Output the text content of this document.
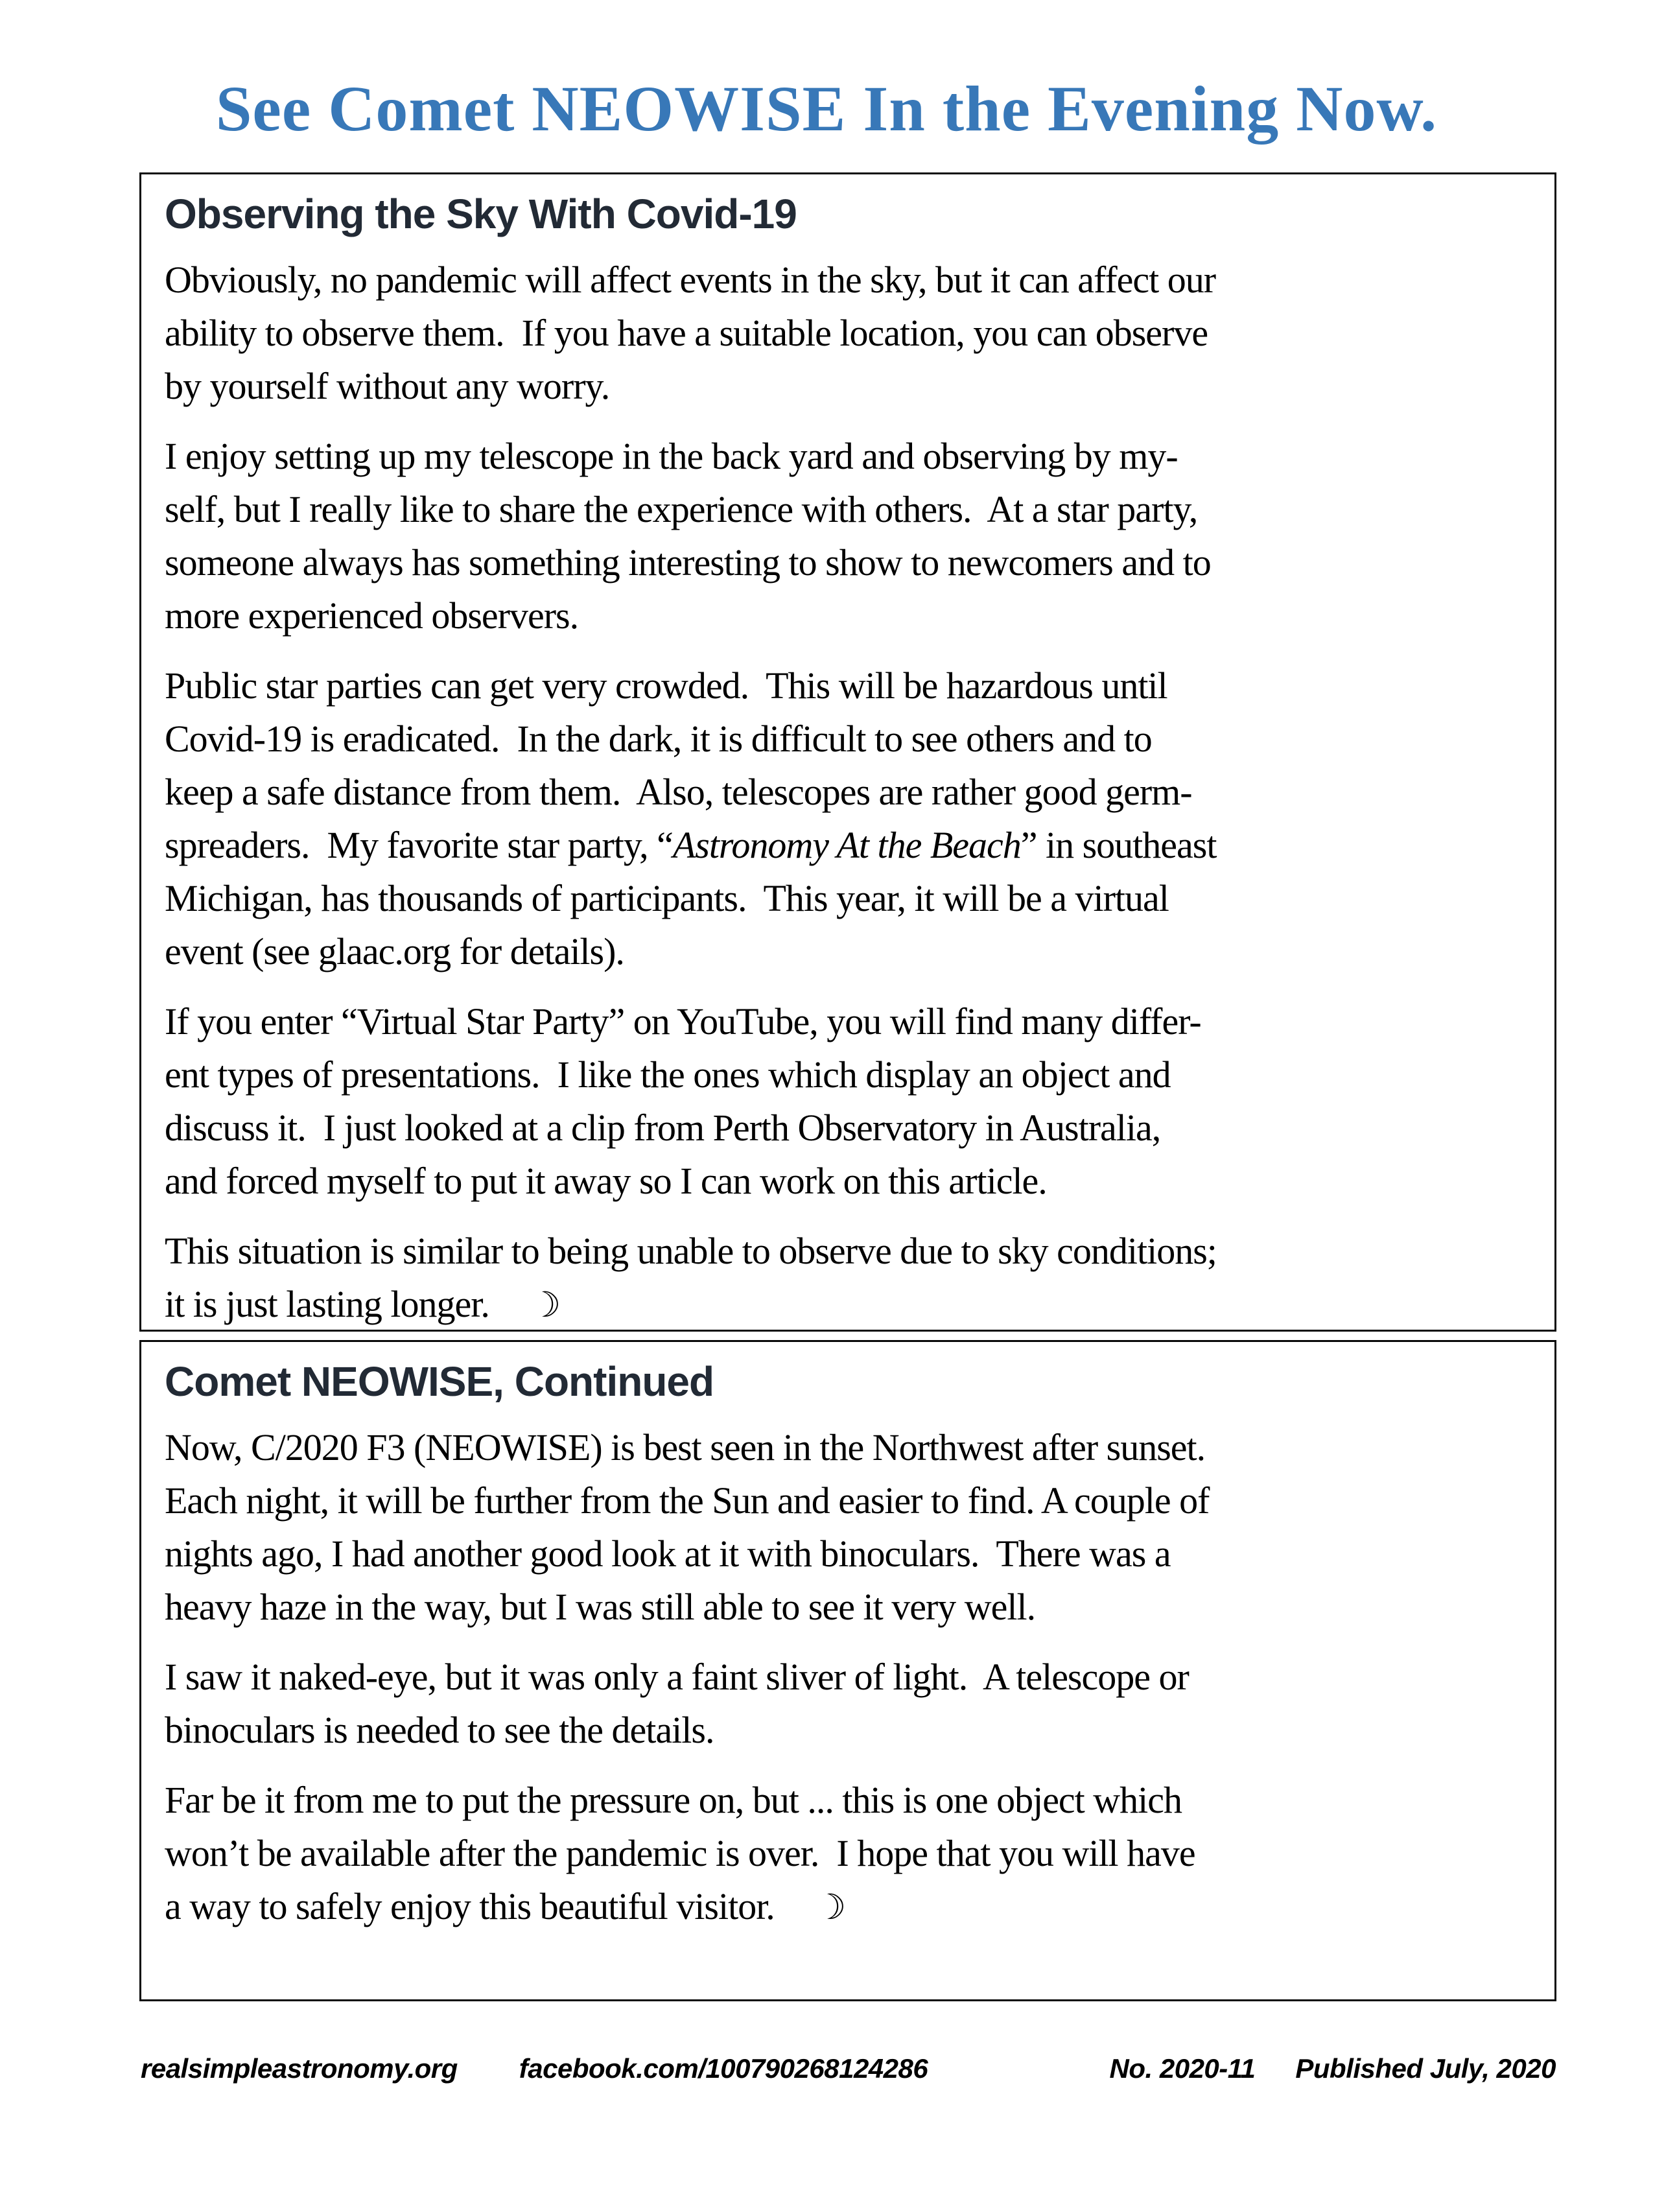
See Comet NEOWISE In the Evening Now.
Observing the Sky With Covid-19
Obviously, no pandemic will affect events in the sky, but it can affect our
ability to observe them.  If you have a suitable location, you can observe
by yourself without any worry.
I enjoy setting up my telescope in the back yard and observing by my-
self, but I really like to share the experience with others.  At a star party,
someone always has something interesting to show to newcomers and to
more experienced observers.
Public star parties can get very crowded.  This will be hazardous until
Covid-19 is eradicated.  In the dark, it is difficult to see others and to
keep a safe distance from them.  Also, telescopes are rather good germ-
spreaders.  My favorite star party, “Astronomy At the Beach” in southeast
Michigan, has thousands of participants.  This year, it will be a virtual
event (see glaac.org for details).
If you enter “Virtual Star Party” on YouTube, you will find many differ-
ent types of presentations.  I like the ones which display an object and
discuss it.  I just looked at a clip from Perth Observatory in Australia,
and forced myself to put it away so I can work on this article.
This situation is similar to being unable to observe due to sky conditions;
it is just lasting longer. ☽
Comet NEOWISE, Continued
Now, C/2020 F3 (NEOWISE) is best seen in the Northwest after sunset.
Each night, it will be further from the Sun and easier to find. A couple of
nights ago, I had another good look at it with binoculars.  There was a
heavy haze in the way, but I was still able to see it very well.
I saw it naked-eye, but it was only a faint sliver of light.  A telescope or
binoculars is needed to see the details.
Far be it from me to put the pressure on, but ... this is one object which
won’t be available after the pandemic is over.  I hope that you will have
a way to safely enjoy this beautiful visitor. ☽
realsimpleastronomy.org facebook.com/100790268124286	No. 2020-11 Published July, 2020
